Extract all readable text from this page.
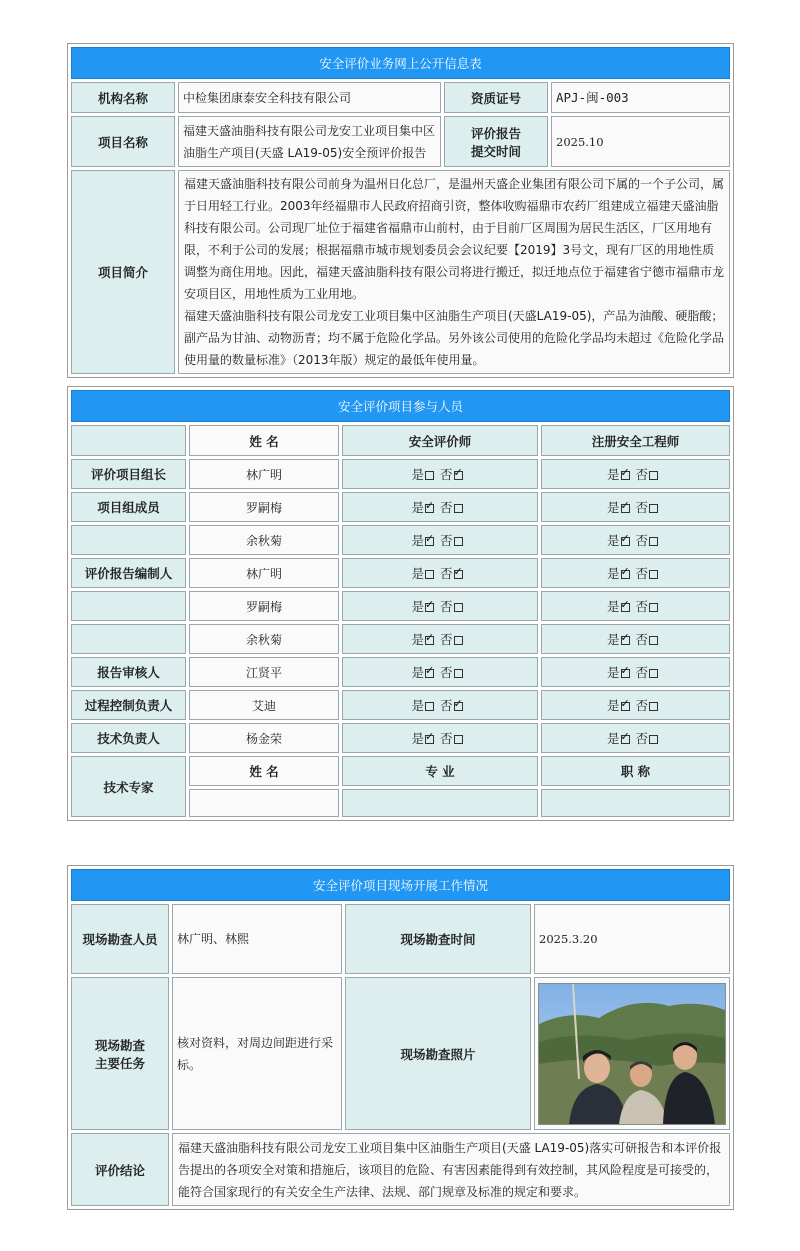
安全评价业务网上公开信息表			
机构名称	中检集团康泰安全科技有限公司	资质证号	APJ-闽-003
项目名称	福建天盛油脂科技有限公司龙安工业项目集中区油脂生产项目(天盛 LA19-05)安全预评价报告	评价报告
提交时间	2025.10
项目简介	福建天盛油脂科技有限公司前身为温州日化总厂，是温州天盛企业集团有限公司下属的一个子公司，属于日用轻工行业。2003年经福鼎市人民政府招商引资，整体收购福鼎市农药厂组建成立福建天盛油脂科技有限公司。公司现厂址位于福建省福鼎市山前村，由于目前厂区周围为居民生活区，厂区用地有限，不利于公司的发展；根据福鼎市城市规划委员会会议纪要【2019】3号文，现有厂区的用地性质调整为商住用地。因此，福建天盛油脂科技有限公司将进行搬迁，拟迁地点位于福建省宁德市福鼎市龙安项目区，用地性质为工业用地。
福建天盛油脂科技有限公司龙安工业项目集中区油脂生产项目(天盛LA19-05)，产品为油酸、硬脂酸；副产品为甘油、动物沥青；均不属于危险化学品。另外该公司使用的危险化学品均未超过《危险化学品使用量的数量标准》（2013年版）规定的最低年使用量。		
安全评价项目参与人员			
	姓 名	安全评价师	注册安全工程师
评价项目组长	林广明	是 否✓	是 ✓ 否
项目组成员	罗嗣梅	是 ✓ 否	是 ✓ 否
	余秋菊	是 ✓ 否	是 ✓ 否
评价报告编制人	林广明	是 否✓	是 ✓ 否
	罗嗣梅	是 ✓ 否	是 ✓ 否
	余秋菊	是 ✓ 否	是 ✓ 否
报告审核人	江贤平	是 ✓ 否	是 ✓ 否
过程控制负责人	艾迪	是 否✓	是 ✓ 否
技术负责人	杨金荣	是 ✓ 否	是 ✓ 否
技术专家	姓 名	专 业	职 称

安全评价项目现场开展工作情况			
现场勘查人员	林广明、林熙	现场勘查时间	2025.3.20

现场勘查
主要任务	核对资料，对周边间距进行采标。	现场勘查照片	

评价结论	福建天盛油脂科技有限公司龙安工业项目集中区油脂生产项目(天盛 LA19-05)落实可研报告和本评价报告提出的各项安全对策和措施后，该项目的危险、有害因素能得到有效控制，其风险程度是可接受的，能符合国家现行的有关安全生产法律、法规、部门规章及标准的规定和要求。		
